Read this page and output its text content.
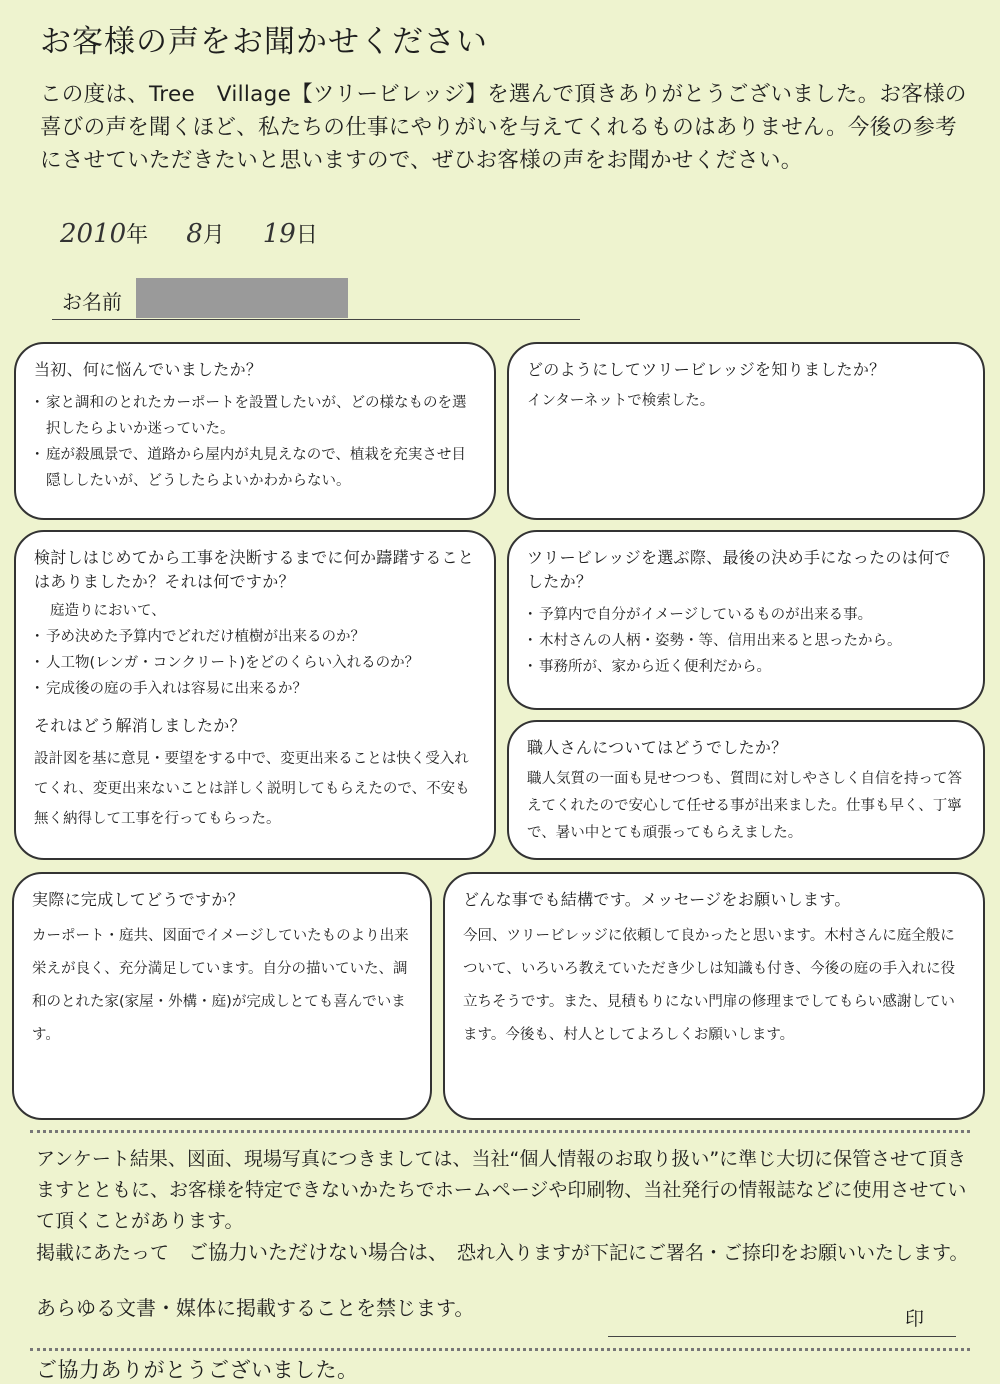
お客様の声をお聞かせください
この度は、Tree　Village【ツリービレッジ】を選んで頂きありがとうございました。お客様の喜びの声を聞くほど、私たちの仕事にやりがいを与えてくれるものはありません。今後の参考にさせていただきたいと思いますので、ぜひお客様の声をお聞かせください。
2010年 8月 19日
お名前
当初、何に悩んでいましたか？
・ 家と調和のとれたカーポートを設置したいが、どの様なものを選択したらよいか迷っていた。
・ 庭が殺風景で、道路から屋内が丸見えなので、植栽を充実させ目隠ししたいが、どうしたらよいかわからない。
どのようにしてツリービレッジを知りましたか？
インターネットで検索した。
検討しはじめてから工事を決断するまでに何か躊躇することはありましたか？それは何ですか？
庭造りにおいて、
・ 予め決めた予算内でどれだけ植樹が出来るのか？
・ 人工物(レンガ・コンクリート)をどのくらい入れるのか？
・ 完成後の庭の手入れは容易に出来るか？
それはどう解消しましたか？
設計図を基に意見・要望をする中で、変更出来ることは快く受入れてくれ、変更出来ないことは詳しく説明してもらえたので、不安も無く納得して工事を行ってもらった。
ツリービレッジを選ぶ際、最後の決め手になったのは何でしたか？
・ 予算内で自分がイメージしているものが出来る事。
・ 木村さんの人柄・姿勢・等、信用出来ると思ったから。
・ 事務所が、家から近く便利だから。
職人さんについてはどうでしたか？
職人気質の一面も見せつつも、質問に対しやさしく自信を持って答えてくれたので安心して任せる事が出来ました。仕事も早く、丁寧で、暑い中とても頑張ってもらえました。
実際に完成してどうですか？
カーポート・庭共、図面でイメージしていたものより出来栄えが良く、充分満足しています。自分の描いていた、調和のとれた家(家屋・外構・庭)が完成しとても喜んでいます。
どんな事でも結構です。メッセージをお願いします。
今回、ツリービレッジに依頼して良かったと思います。木村さんに庭全般について、いろいろ教えていただき少しは知識も付き、今後の庭の手入れに役立ちそうです。また、見積もりにない門扉の修理までしてもらい感謝しています。今後も、村人としてよろしくお願いします。
アンケート結果、図面、現場写真につきましては、当社“個人情報のお取り扱い”に準じ大切に保管させて頂きますとともに、お客様を特定できないかたちでホームページや印刷物、当社発行の情報誌などに使用させていて頂くことがあります。
掲載にあたって　 ご協力いただけない場合は、　 恐れ入りますが下記にご署名・ご捺印をお願いいたします。
あらゆる文書・媒体に掲載することを禁じます。	印
ご協力ありがとうございました。
